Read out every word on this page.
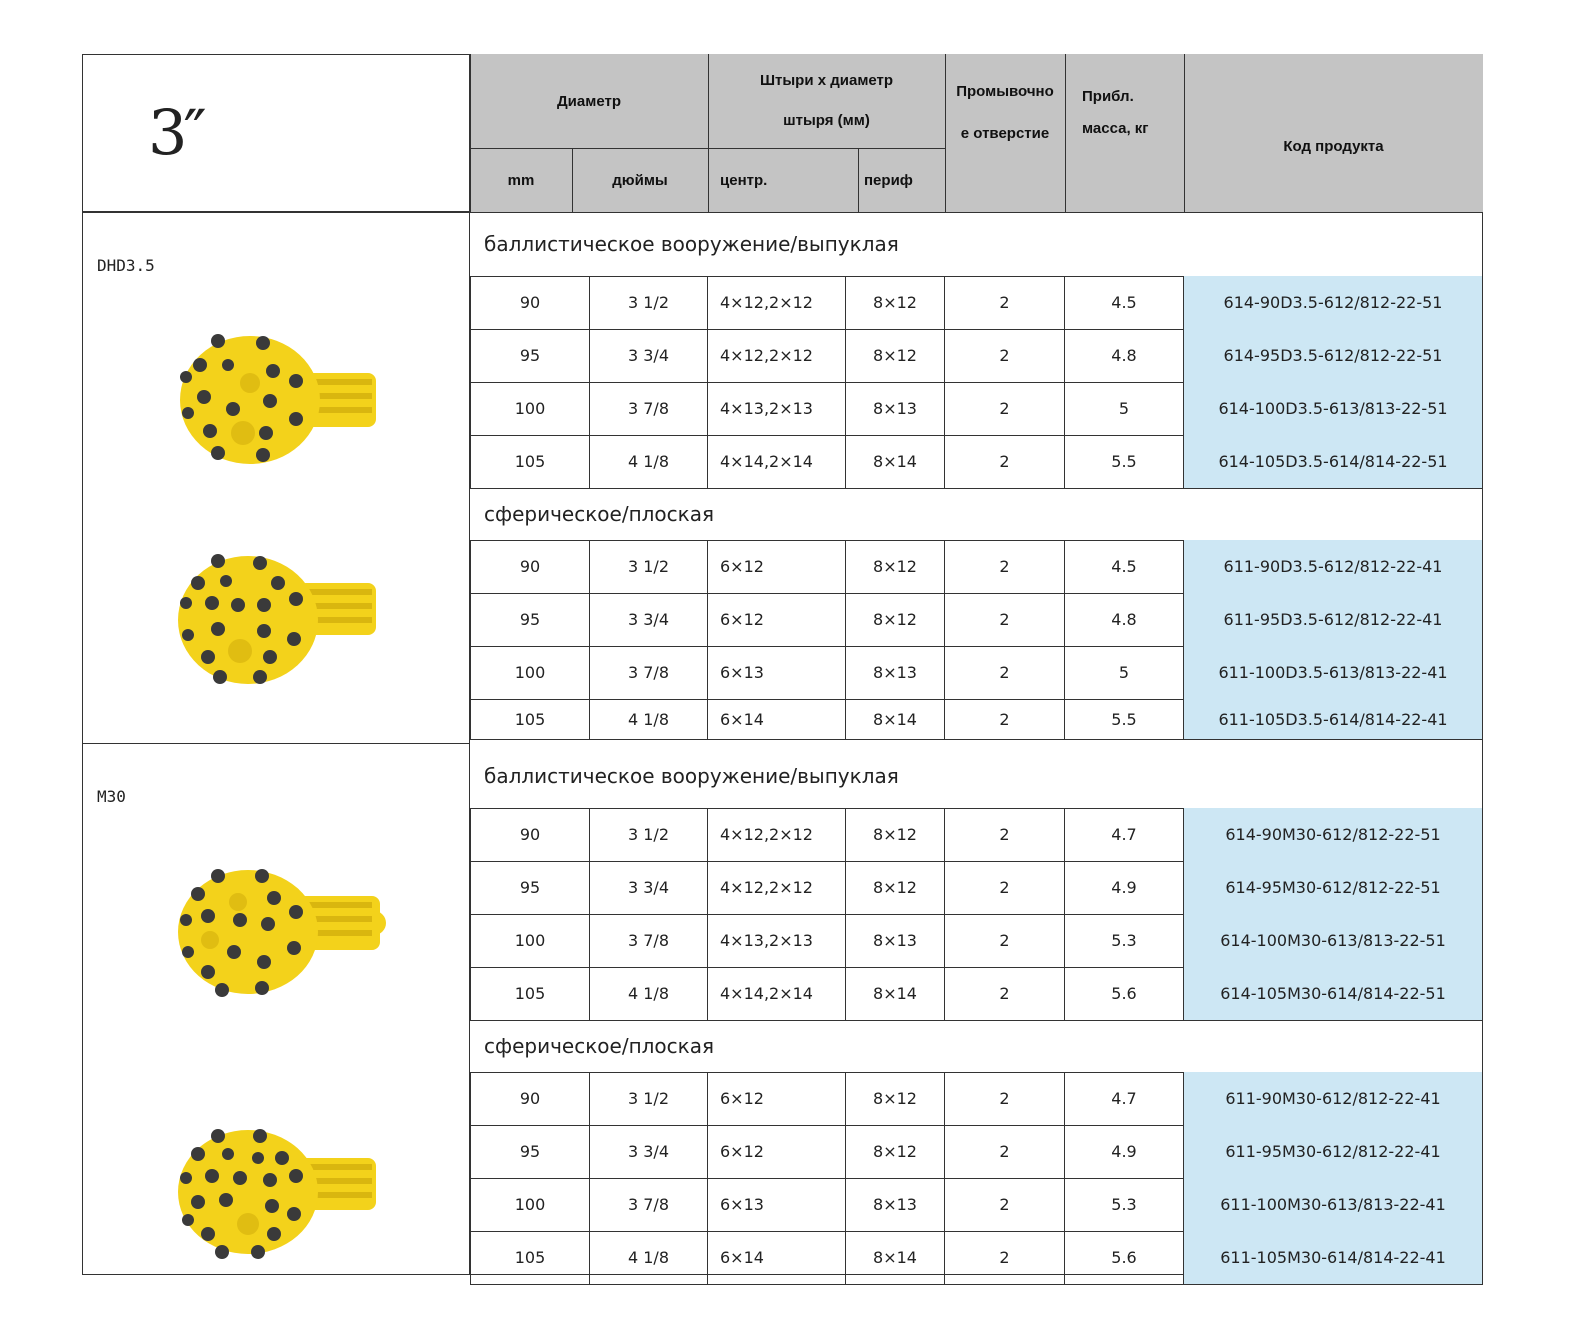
3″	Диаметр
mm	дюймы
Штыри x диаметр
штыря (мм)
центр.	периф
Промывочно
е отверстие
Прибл.
масса, кг
Код продукта
DHD3.5
M30
баллистическое вооружение/выпуклая
90	3 1/2	4×12,2×12	8×12	2	4.5	614-90D3.5-612/812-22-51
95	3 3/4	4×12,2×12	8×12	2	4.8	614-95D3.5-612/812-22-51
100	3 7/8	4×13,2×13	8×13	2	5	614-100D3.5-613/813-22-51
105	4 1/8	4×14,2×14	8×14	2	5.5	614-105D3.5-614/814-22-51
сферическое/плоская
90	3 1/2	6×12	8×12	2	4.5	611-90D3.5-612/812-22-41
95	3 3/4	6×12	8×12	2	4.8	611-95D3.5-612/812-22-41
100	3 7/8	6×13	8×13	2	5	611-100D3.5-613/813-22-41
105	4 1/8	6×14	8×14	2	5.5	611-105D3.5-614/814-22-41
баллистическое вооружение/выпуклая
90	3 1/2	4×12,2×12	8×12	2	4.7	614-90M30-612/812-22-51
95	3 3/4	4×12,2×12	8×12	2	4.9	614-95M30-612/812-22-51
100	3 7/8	4×13,2×13	8×13	2	5.3	614-100M30-613/813-22-51
105	4 1/8	4×14,2×14	8×14	2	5.6	614-105M30-614/814-22-51
сферическое/плоская
90	3 1/2	6×12	8×12	2	4.7	611-90M30-612/812-22-41
95	3 3/4	6×12	8×12	2	4.9	611-95M30-612/812-22-41
100	3 7/8	6×13	8×13	2	5.3	611-100M30-613/813-22-41
105	4 1/8	6×14	8×14	2	5.6	611-105M30-614/814-22-41
